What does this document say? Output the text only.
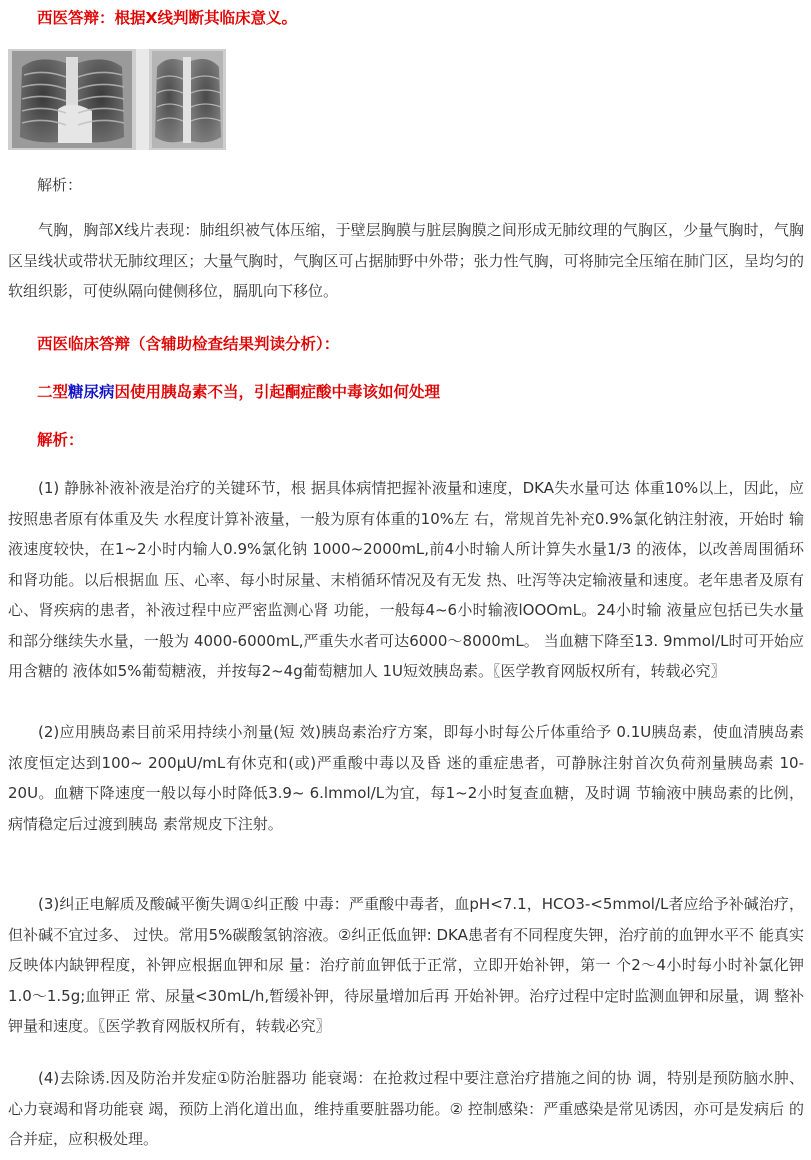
西医答辩：根据X线判断其临床意义。
解析：

气胸，胸部X线片表现：肺组织被气体压缩，于壁层胸膜与脏层胸膜之间形成无肺纹理的气胸区，少量气胸时，气胸区呈线状或带状无肺纹理区；大量气胸时，气胸区可占据肺野中外带；张力性气胸，可将肺完全压缩在肺门区，呈均匀的软组织影，可使纵隔向健侧移位，膈肌向下移位。

西医临床答辩（含辅助检查结果判读分析）：
二型糖尿病因使用胰岛素不当，引起酮症酸中毒该如何处理
解析：

(1) 静脉补液补液是治疗的关键环节，根 据具体病情把握补液量和速度，DKA失水量可达 体重10%以上，因此，应按照患者原有体重及失 水程度计算补液量，一般为原有体重的10%左 右，常规首先补充0.9%氯化钠注射液，开始时 输液速度较快，在1~2小时内输人0.9%氯化钠 1000~2000mL,前4小时输人所计算失水量1/3 的液体，以改善周围循环和肾功能。以后根据血 压、心率、每小时尿量、末梢循环情况及有无发 热、吐泻等决定输液量和速度。老年患者及原有 心、肾疾病的患者，补液过程中应严密监测心肾 功能，一般每4~6小时输液lOOOmL。24小时输 液量应包括已失水量和部分继续失水量，一般为 4000-6000mL,严重失水者可达6000〜8000mL。 当血糖下降至13. 9mmol/L时可开始应用含糖的 液体如5%葡萄糖液，并按每2~4g葡萄糖加人 1U短效胰岛素。〖医学教育网版权所有，转载必究〗

(2)应用胰岛素目前采用持续小剂量(短 效)胰岛素治疗方案，即每小时每公斤体重给予 0.1U胰岛素，使血清胰岛素浓度恒定达到100~ 200μU/mL有休克和(或)严重酸中毒以及昏 迷的重症患者，可静脉注射首次负荷剂量胰岛素 10-20U。血糖下降速度一般以每小时降低3.9~ 6.lmmol/L为宜，每1~2小时复查血糖，及时调 节输液中胰岛素的比例，病情稳定后过渡到胰岛 素常规皮下注射。

(3)纠正电解质及酸碱平衡失调①纠正酸 中毒：严重酸中毒者，血pH<7.1，HCO3-<5mmol/L者应给予补碱治疗，但补碱不宜过多、 过快。常用5%碳酸氢钠溶液。②纠正低血钾: DKA患者有不同程度失钾，治疗前的血钾水平不 能真实反映体内缺钾程度，补钾应根据血钾和尿 量：治疗前血钾低于正常，立即开始补钾，第一 个2〜4小时每小时补氯化钾1.0〜1.5g;血钾正 常、尿量<30mL/h,暂缓补钾，待尿量增加后再 开始补钾。治疗过程中定时监测血钾和尿量，调 整补钾量和速度。〖医学教育网版权所有，转载必究〗

(4)去除诱.因及防治并发症①防治脏器功 能衰竭：在抢救过程中要注意治疗措施之间的协 调，特别是预防脑水肿、心力衰竭和肾功能衰 竭，预防上消化道出血，维持重要脏器功能。② 控制感染：严重感染是常见诱因，亦可是发病后 的合并症，应积极处理。
